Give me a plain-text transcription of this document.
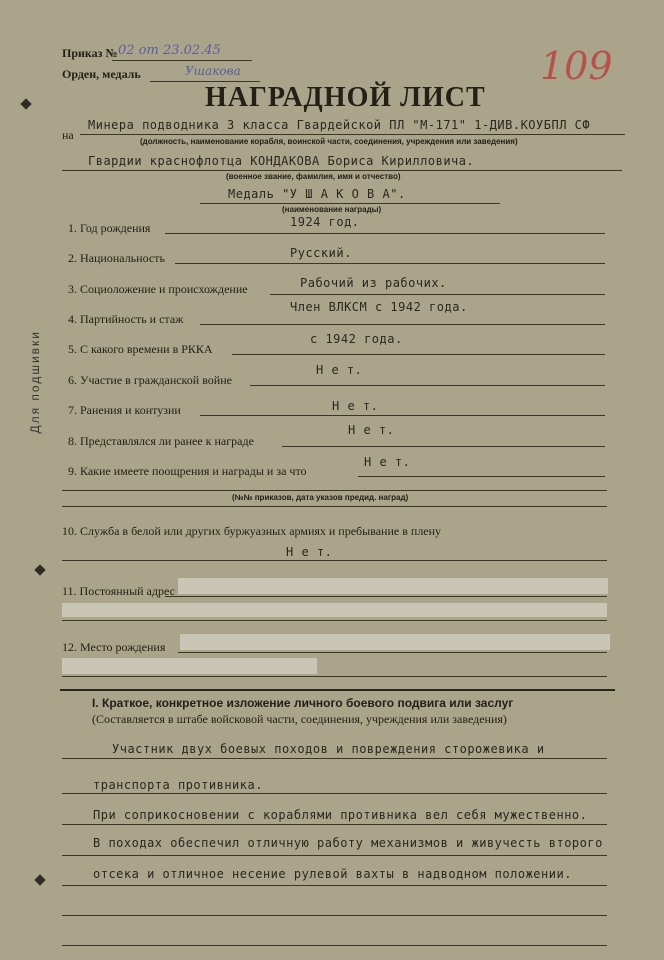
Для подшивки
Приказ № 02 от 23.02.45
Орден, медаль	Ушакова	109
НАГРАДНОЙ ЛИСТ
на
Минера подводника 3 класса Гвардейской ПЛ "М-171" 1-ДИВ.КОУБПЛ СФ
(должность, наименование корабля, воинской части, соединения, учреждения или заведения)
Гвардии краснофлотца КОНДАКОВА Бориса Кирилловича.
(военное звание, фамилия, имя и отчество)
Медаль "У Ш А К О В А".
(наименование награды)
1. Год рождения	1924 год.
2. Национальность	Русский.
3. Социоложение и происхождение	Рабочий из рабочих.
4. Партийность и стаж
Член ВЛКСМ с 1942 года.
5. С какого времени в РККА
с 1942 года.
6. Участие в гражданской войне
Н е т.
7. Ранения и контузии	Н е т.
8. Представлялся ли ранее к награде
Н е т.
9. Какие имеете поощрения и награды и за что
Н е т.
(№№ приказов, дата указов предид. наград)
10. Служба в белой или других буржуазных армиях и пребывание в плену
Н е т.
11. Постоянный адрес
12. Место рождения
I. Краткое, конкретное изложение личного боевого подвига или заслуг
(Составляется в штабе войсковой части, соединения, учреждения или заведения)
Участник двух боевых походов и повреждения сторожевика и
транспорта противника.
При соприкосновении с кораблями противника вел себя мужественно.
В походах обеспечил отличную работу механизмов и живучесть второго
отсека и отличное несение рулевой вахты в надводном положении.
